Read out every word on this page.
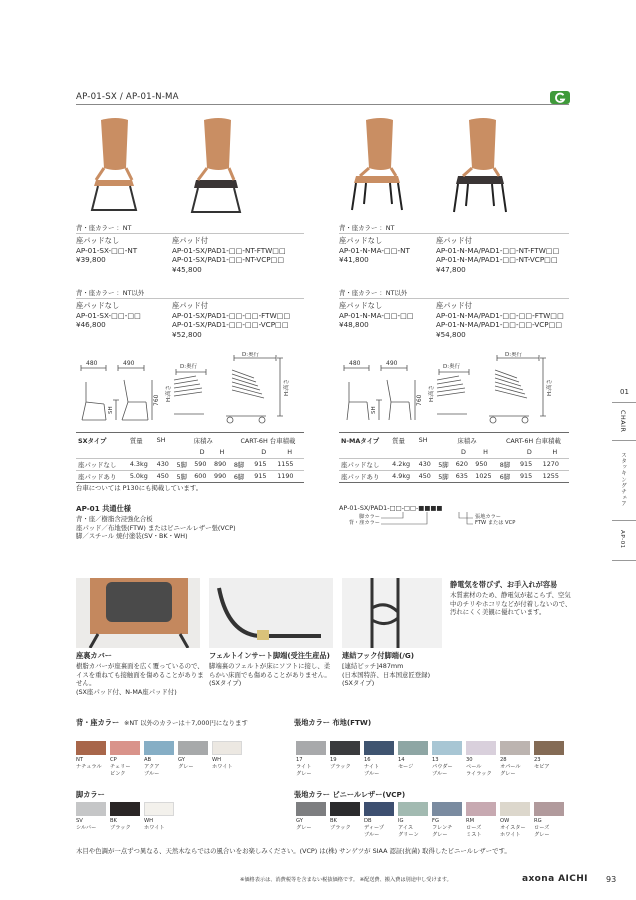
AP-01-SX / AP-01-N-MA
背・座カラー ：NT
座パッドなし
AP-01-SX-□□-NT
¥39,800
座パッド付
AP-01-SX/PAD1-□□-NT-FTW□□
AP-01-SX/PAD1-□□-NT-VCP□□
¥45,800
背・座カラー ：NT以外
座パッドなし
AP-01-SX-□□-□□
¥46,800
座パッド付
AP-01-SX/PAD1-□□-□□-FTW□□
AP-01-SX/PAD1-□□-□□-VCP□□
¥52,800
背・座カラー ：NT
座パッドなし
AP-01-N-MA-□□-NT
¥41,800
座パッド付
AP-01-N-MA/PAD1-□□-NT-FTW□□
AP-01-N-MA/PAD1-□□-NT-VCP□□
¥47,800
背・座カラー ：NT以外
座パッドなし
AP-01-N-MA-□□-□□
¥48,800
座パッド付
AP-01-N-MA/PAD1-□□-□□-FTW□□
AP-01-N-MA/PAD1-□□-□□-VCP□□
¥54,800
480	490
SH
760
D:奥行
H:高さ
D:奥行
H:高さ
480	490
SH
760
D:奥行
H:高さ
D:奥行
H:高さ
SXタイプ	質量	SH	床積み			CART-6H 台車積載		
				D	H		D	H
座パッドなし	4.3kg	430	5脚	590	890	8脚	915	1155
座パッドあり	5.0kg	450	5脚	600	990	6脚	915	1190
台車については P130にも掲載しています。
N-MAタイプ	質量	SH	床積み			CART-6H 台車積載		
				D	H		D	H
座パッドなし	4.2kg	430	5脚	620	950	8脚	915	1270
座パッドあり	4.9kg	450	5脚	635	1025	6脚	915	1255
AP-01 共通仕様
背・座／樹脂含浸強化合板
座パッド／布地張(FTW) またはビニールレザー張(VCP)
脚／スチール 焼付塗装(SV・BK・WH)
AP-01-SX/PAD1-□□-□□-■■■■
脚カラー
背・座カラー
張地カラー
FTW または VCP
01
CHAIR
スタッキングチェア
AP-01
座裏カバー
樹脂カバーが座裏面を広く覆っているので、イスを重ねても接触面を傷めることがありません。
(SX座パッド付、N-MA座パッド付)
フェルトインサート脚端(受注生産品)
脚端裏のフェルトが床にソフトに接し、柔らかい床面でも傷めることがありません。
(SXタイプ)
連結フック付脚端(/G)
[連結ピッチ]487mm
(日本国特許、日本国意匠登録)
(SXタイプ)
静電気を帯びず、お手入れが容易
木質素材のため、静電気が起こらず、空気中のチリやホコリなどが付着しないので、汚れにくく美観に優れています。
背・座カラー ※NT 以外のカラーは＋7,000円になります
NT
ナチュラル
CP
チェリー
ピンク
AB
アクア
ブルー
GY
グレー
WH
ホワイト
脚カラー
SV
シルバー
BK
ブラック
WH
ホワイト
張地カラー 布地(FTW)
17
ライト
グレー
19
ブラック
16
ナイト
ブルー
14
セージ
13
パウダー
ブルー
30
ペール
ライラック
28
オパール
グレー
23
セピア
張地カラー ビニールレザー(VCP)
GY
グレー
BK
ブラック
DB
ディープ
ブルー
IG
アイス
グリーン
FG
フレンチ
グレー
RM
ローズ
ミスト
OW
オイスター
ホワイト
RG
ローズ
グレー
木目や色調が一点ずつ異なる、天然木ならではの風合いをお楽しみください。(VCP) は(株) サンゲツが SIAA 認証(抗菌) 取得したビニールレザーです。
※価格表示は、消費税等を含まない税抜価格です。 ※配送費、搬入費は別途申し受けます。	axona AICHI 93
